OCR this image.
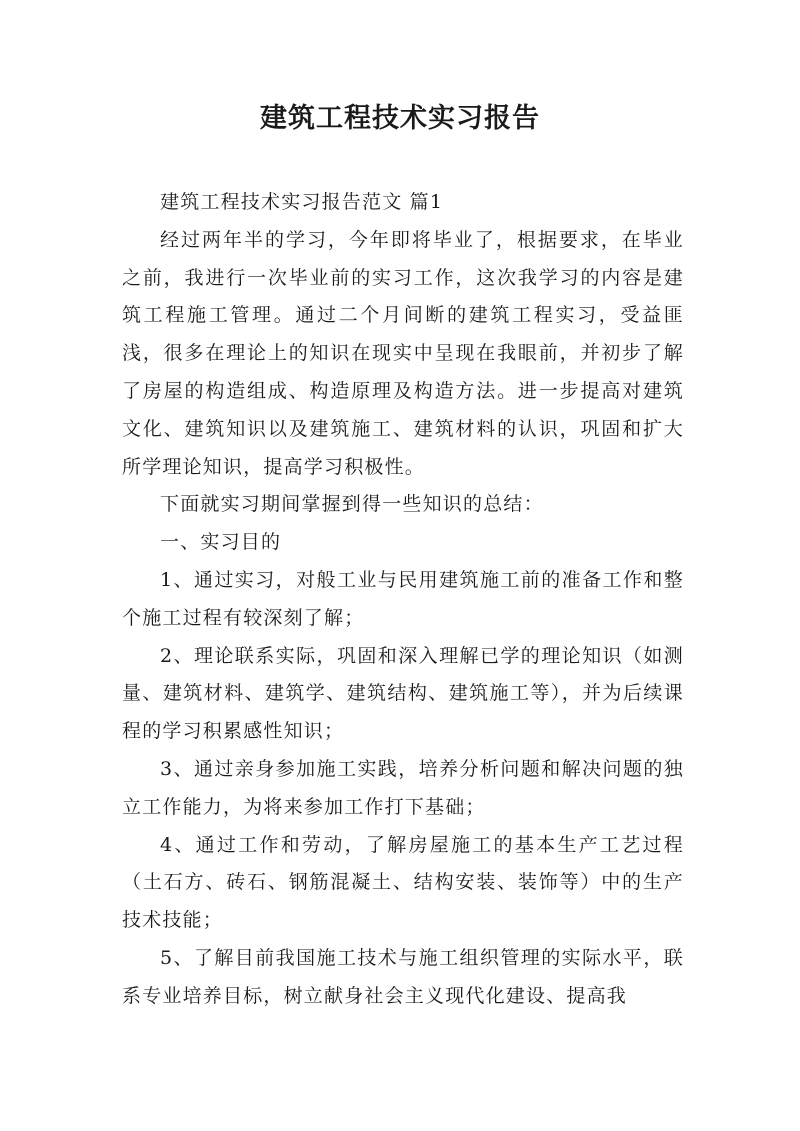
建筑工程技术实习报告

建筑工程技术实习报告范文 篇1

经过两年半的学习，今年即将毕业了，根据要求，在毕业之前，我进行一次毕业前的实习工作，这次我学习的内容是建筑工程施工管理。通过二个月间断的建筑工程实习，受益匪浅，很多在理论上的知识在现实中呈现在我眼前，并初步了解了房屋的构造组成、构造原理及构造方法。进一步提高对建筑文化、建筑知识以及建筑施工、建筑材料的认识，巩固和扩大所学理论知识，提高学习积极性。

下面就实习期间掌握到得一些知识的总结：

一、实习目的

1、通过实习，对般工业与民用建筑施工前的准备工作和整个施工过程有较深刻了解；

2、理论联系实际，巩固和深入理解已学的理论知识（如测量、建筑材料、建筑学、建筑结构、建筑施工等），并为后续课程的学习积累感性知识；

3、通过亲身参加施工实践，培养分析问题和解决问题的独立工作能力，为将来参加工作打下基础；

4、通过工作和劳动，了解房屋施工的基本生产工艺过程（土石方、砖石、钢筋混凝土、结构安装、装饰等）中的生产技术技能；

5、了解目前我国施工技术与施工组织管理的实际水平，联系专业培养目标，树立献身社会主义现代化建设、提高我
